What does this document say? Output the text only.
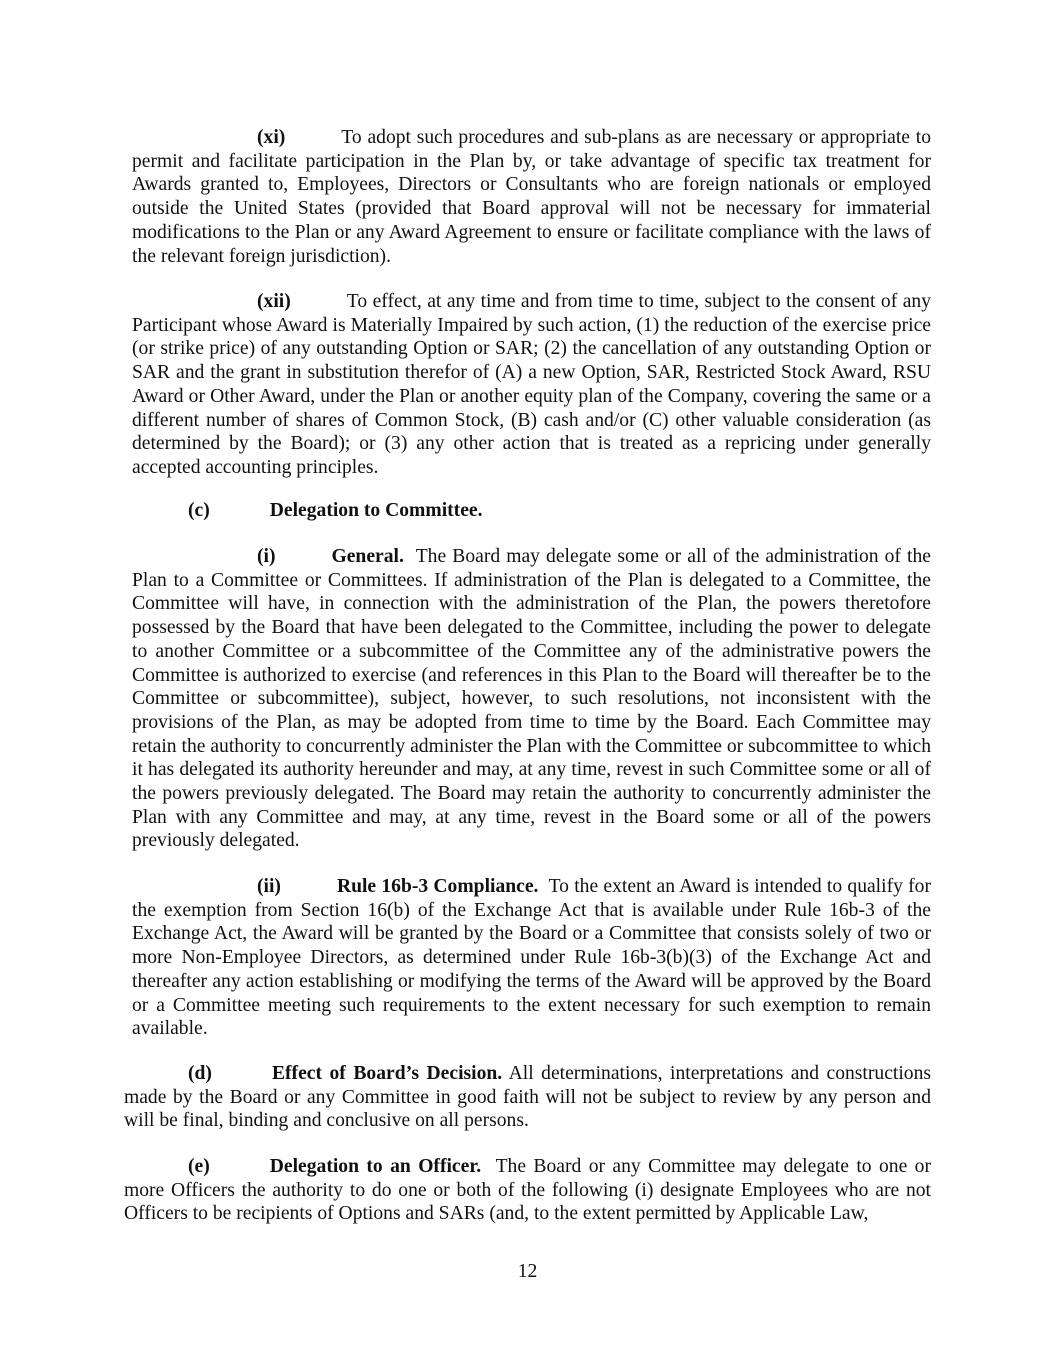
(xi)	To adopt such procedures and sub-plans as are necessary or appropriate to permit and facilitate participation in the Plan by, or take advantage of specific tax treatment for Awards granted to, Employees, Directors or Consultants who are foreign nationals or employed outside the United States (provided that Board approval will not be necessary for immaterial modifications to the Plan or any Award Agreement to ensure or facilitate compliance with the laws of the relevant foreign jurisdiction).

(xii)	To effect, at any time and from time to time, subject to the consent of any Participant whose Award is Materially Impaired by such action, (1) the reduction of the exercise price (or strike price) of any outstanding Option or SAR; (2) the cancellation of any outstanding Option or SAR and the grant in substitution therefor of (A) a new Option, SAR, Restricted Stock Award, RSU Award or Other Award, under the Plan or another equity plan of the Company, covering the same or a different number of shares of Common Stock, (B) cash and/or (C) other valuable consideration (as determined by the Board); or (3) any other action that is treated as a repricing under generally accepted accounting principles.

(c)	Delegation to Committee.

(i)	General. The Board may delegate some or all of the administration of the Plan to a Committee or Committees. If administration of the Plan is delegated to a Committee, the Committee will have, in connection with the administration of the Plan, the powers theretofore possessed by the Board that have been delegated to the Committee, including the power to delegate to another Committee or a subcommittee of the Committee any of the administrative powers the Committee is authorized to exercise (and references in this Plan to the Board will thereafter be to the Committee or subcommittee), subject, however, to such resolutions, not inconsistent with the provisions of the Plan, as may be adopted from time to time by the Board. Each Committee may retain the authority to concurrently administer the Plan with the Committee or subcommittee to which it has delegated its authority hereunder and may, at any time, revest in such Committee some or all of the powers previously delegated. The Board may retain the authority to concurrently administer the Plan with any Committee and may, at any time, revest in the Board some or all of the powers previously delegated.

(ii)	Rule 16b-3 Compliance. To the extent an Award is intended to qualify for the exemption from Section 16(b) of the Exchange Act that is available under Rule 16b-3 of the Exchange Act, the Award will be granted by the Board or a Committee that consists solely of two or more Non-Employee Directors, as determined under Rule 16b-3(b)(3) of the Exchange Act and thereafter any action establishing or modifying the terms of the Award will be approved by the Board or a Committee meeting such requirements to the extent necessary for such exemption to remain available.

(d)	Effect of Board’s Decision. All determinations, interpretations and constructions made by the Board or any Committee in good faith will not be subject to review by any person and will be final, binding and conclusive on all persons.

(e)	Delegation to an Officer. The Board or any Committee may delegate to one or more Officers the authority to do one or both of the following (i) designate Employees who are not Officers to be recipients of Options and SARs (and, to the extent permitted by Applicable Law,

12
